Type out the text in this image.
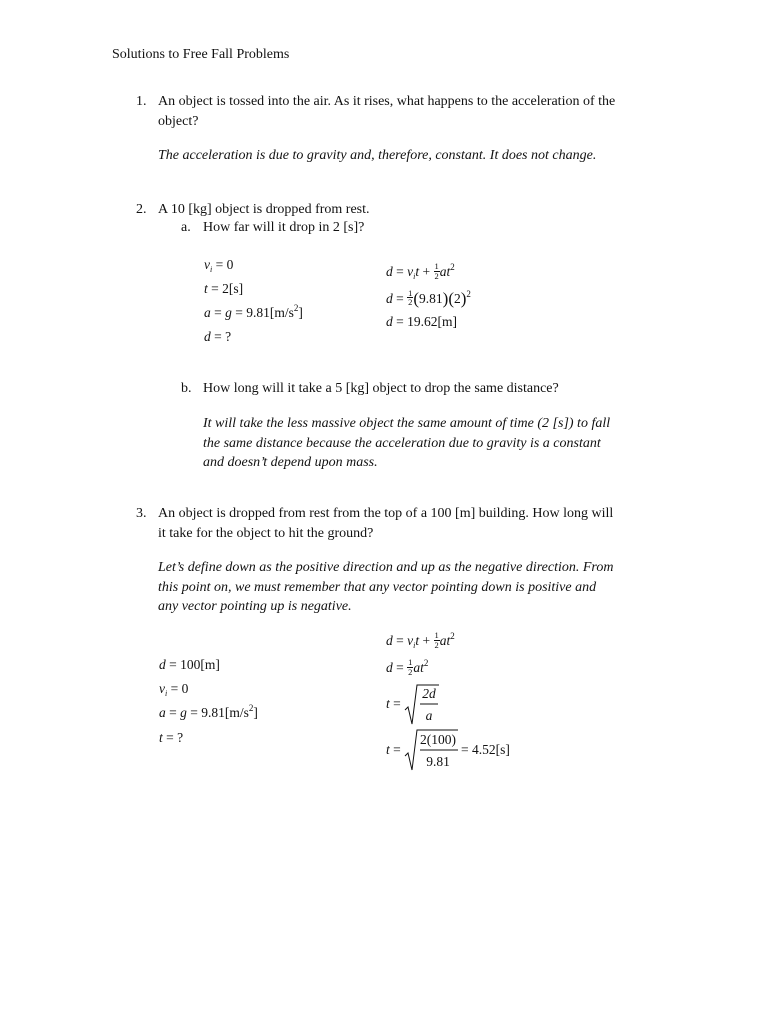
Solutions to Free Fall Problems
1. An object is tossed into the air. As it rises, what happens to the acceleration of the
object?
The acceleration is due to gravity and, therefore, constant. It does not change.
2. A 10 [kg] object is dropped from rest.
a. How far will it drop in 2 [s]?
$v_i = 0$
t = 2[s]
$a = g = 9.81[m/s^2]$
d = ?
$d = v_it + \frac{1}{2} at^2$
$d = \frac{1}{2} (9.81)(2)^2$
d = 19.62[m]
b. How long will it take a 5 [kg] object to drop the same distance?
It will take the less massive object the same amount of time (2 [s]) to fall
the same distance because the acceleration due to gravity is a constant
and doesn’t depend upon mass.
3. An object is dropped from rest from the top of a 100 [m] building. How long will
it take for the object to hit the ground?
Let’s define down as the positive direction and up as the negative direction. From
this point on, we must remember that any vector pointing down is positive and
any vector pointing up is negative.
d = 100[m]
$v_i = 0$
$a = g = 9.81[m/s^2]$
t = ?
$d = v_it + \frac{1}{2} at^2$
$d = \frac{1}{2} at^2$
t =
2d
a
t =
2(100)
9.81
= 4.52[s]
